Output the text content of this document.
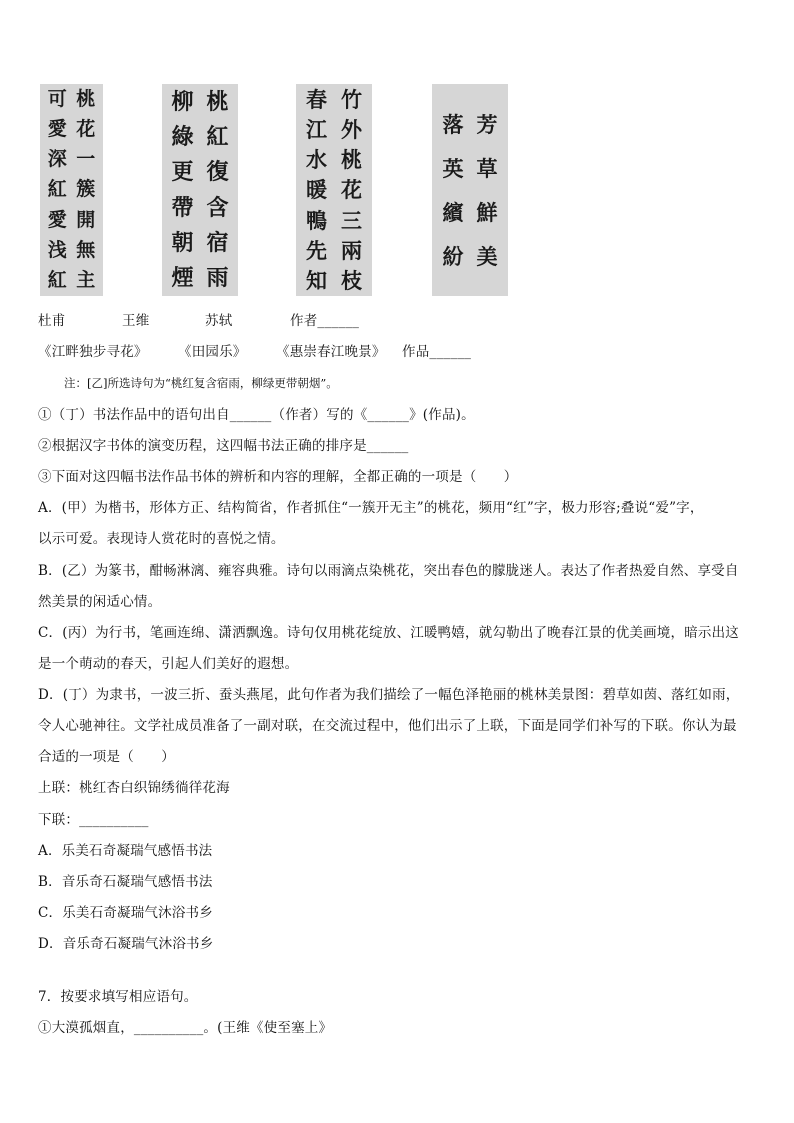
可
愛
深
紅
愛
浅
紅
桃
花
一
簇
開
無
主
柳
綠
更
帶
朝
煙
桃
紅
復
含
宿
雨
春
江
水
暖
鴨
先
知
竹
外
桃
花
三
兩
枝
落
英
繽
紛
芳
草
鮮
美
杜甫	王维	苏轼	作者______
《江畔独步寻花》 《田园乐》 《惠崇春江晚景》 作品______
注：[乙]所选诗句为“桃红复含宿雨，柳绿更带朝烟”。
①（丁）书法作品中的语句出自______（作者）写的《______》(作品)。
②根据汉字书体的演变历程，这四幅书法正确的排序是______
③下面对这四幅书法作品书体的辨析和内容的理解，全都正确的一项是（　　）
A．(甲）为楷书，形体方正、结构简省，作者抓住“一簇开无主”的桃花，频用“红”字，极力形容;叠说“爱”字，
以示可爱。表现诗人赏花时的喜悦之情。
B．(乙）为篆书，酣畅淋漓、雍容典雅。诗句以雨滴点染桃花，突出春色的朦胧迷人。表达了作者热爱自然、享受自
然美景的闲适心情。
C．(丙）为行书，笔画连绵、潇洒飘逸。诗句仅用桃花绽放、江暖鸭嬉，就勾勒出了晚春江景的优美画境，暗示出这
是一个萌动的春天，引起人们美好的遐想。
D．(丁）为隶书，一波三折、蚕头燕尾，此句作者为我们描绘了一幅色泽艳丽的桃林美景图：碧草如茵、落红如雨，
令人心驰神往。文学社成员准备了一副对联，在交流过程中，他们出示了上联，下面是同学们补写的下联。你认为最
合适的一项是（　　）
上联：桃红杏白织锦绣徜徉花海
下联：__________
A．乐美石奇凝瑞气感悟书法
B．音乐奇石凝瑞气感悟书法
C．乐美石奇凝瑞气沐浴书乡
D．音乐奇石凝瑞气沐浴书乡
7．按要求填写相应语句。
①大漠孤烟直，__________。(王维《使至塞上》
